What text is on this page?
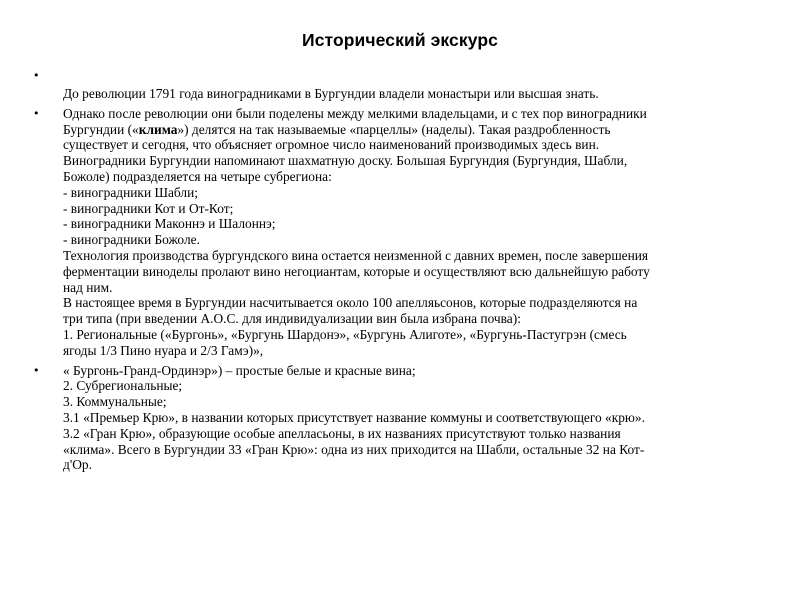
Исторический экскурс
•
До революции 1791 года виноградниками в Бургундии владели монастыри или высшая знать.
• Однако после революции они были поделены между мелкими владельцами, и с тех пор виноградники
Бургундии («клима») делятся на так называемые «парцеллы» (наделы). Такая раздробленность
существует и сегодня, что объясняет огромное число наименований производимых здесь вин.
Виноградники Бургундии напоминают шахматную доску. Большая Бургундия (Бургундия, Шабли,
Божоле) подразделяется на четыре субрегиона:
- виноградники Шабли;
- виноградники Кот и От-Кот;
- виноградники Маконнэ и Шалоннэ;
- виноградники Божоле.
Технология производства бургундского вина остается неизменной с давних времен, после завершения
ферментации виноделы пролают вино негоциантам, которые и осуществляют всю дальнейшую работу
над ним.
В настоящее время в Бургундии насчитывается около 100 апелляьсонов, которые подразделяются на
три типа (при введении А.О.С. для индивидуализации вин была избрана почва):
1. Региональные («Бургонь», «Бургунь Шардонэ», «Бургунь Алиготе», «Бургунь-Пастугрэн (смесь
ягоды 1/3 Пино нуара и 2/3 Гамэ)»,
• « Бургонь-Гранд-Ординэр») – простые белые и красные вина;
2. Субрегиональные;
3. Коммунальные;
3.1 «Премьер Крю», в названии которых присутствует название коммуны и соответствующего «крю».
3.2 «Гран Крю», образующие особые апелласьоны, в их названиях присутствуют только названия
«клима». Всего в Бургундии 33 «Гран Крю»: одна из них приходится на Шабли, остальные 32 на Кот-
д'Ор.
